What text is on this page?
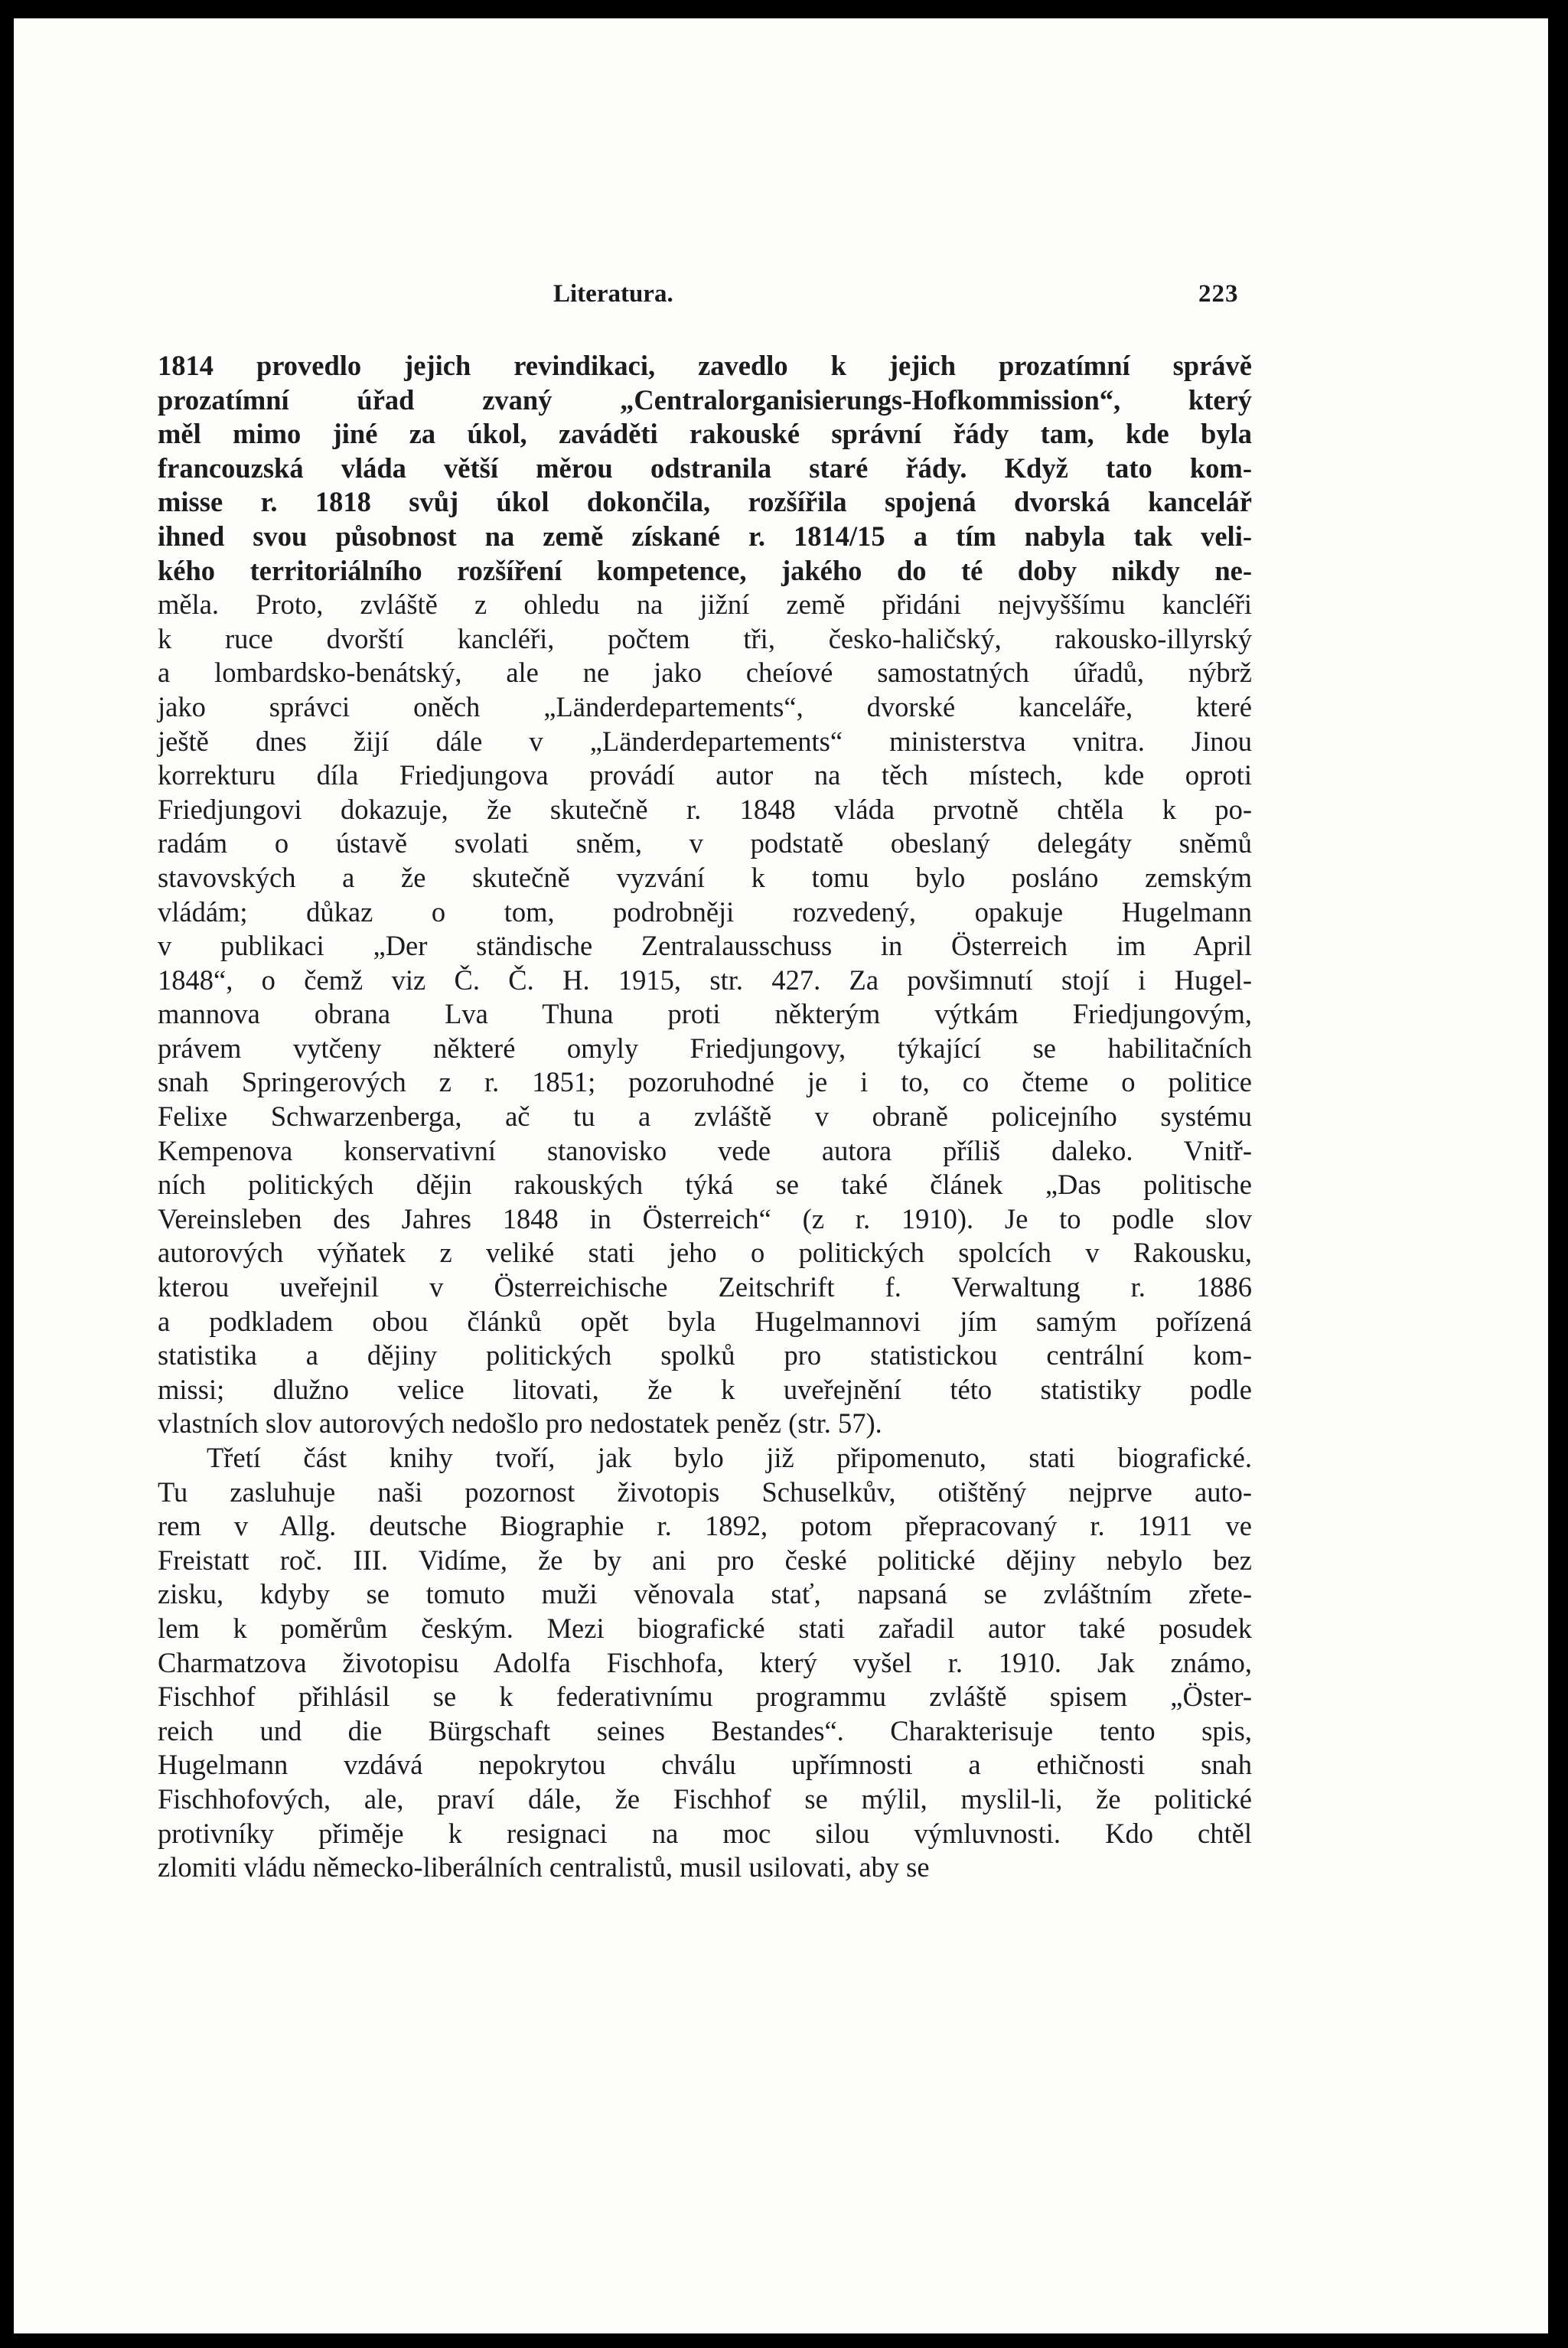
Literatura.	223
1814 provedlo jejich revindikaci, zavedlo k jejich prozatímní správě
prozatímní úřad zvaný „Centralorganisierungs-Hofkommission“, který
měl mimo jiné za úkol, zaváděti rakouské správní řády tam, kde byla
francouzská vláda větší měrou odstranila staré řády. Když tato kom-
misse r. 1818 svůj úkol dokončila, rozšířila spojená dvorská kancelář
ihned svou působnost na země získané r. 1814/15 a tím nabyla tak veli-
kého territoriálního rozšíření kompetence, jakého do té doby nikdy ne-
měla. Proto, zvláště z ohledu na jižní země přidáni nejvyššímu kancléři
k ruce dvorští kancléři, počtem tři, česko-haličský, rakousko-illyrský
a lombardsko-benátský, ale ne jako cheíové samostatných úřadů, nýbrž
jako správci oněch „Länderdepartements“, dvorské kanceláře, které
ještě dnes žijí dále v „Länderdepartements“ ministerstva vnitra. Jinou
korrekturu díla Friedjungova provádí autor na těch místech, kde oproti
Friedjungovi dokazuje, že skutečně r. 1848 vláda prvotně chtěla k po-
radám o ústavě svolati sněm, v podstatě obeslaný delegáty sněmů
stavovských a že skutečně vyzvání k tomu bylo posláno zemským
vládám; důkaz o tom, podrobněji rozvedený, opakuje Hugelmann
v publikaci „Der ständische Zentralausschuss in Österreich im April
1848“, o čemž viz Č. Č. H. 1915, str. 427. Za povšimnutí stojí i Hugel-
mannova obrana Lva Thuna proti některým výtkám Friedjungovým,
právem vytčeny některé omyly Friedjungovy, týkající se habilitačních
snah Springerových z r. 1851; pozoruhodné je i to, co čteme o politice
Felixe Schwarzenberga, ač tu a zvláště v obraně policejního systému
Kempenova konservativní stanovisko vede autora příliš daleko. Vnitř-
ních politických dějin rakouských týká se také článek „Das politische
Vereinsleben des Jahres 1848 in Österreich“ (z r. 1910). Je to podle slov
autorových výňatek z veliké stati jeho o politických spolcích v Rakousku,
kterou uveřejnil v Österreichische Zeitschrift f. Verwaltung r. 1886
a podkladem obou článků opět byla Hugelmannovi jím samým pořízená
statistika a dějiny politických spolků pro statistickou centrální kom-
missi; dlužno velice litovati, že k uveřejnění této statistiky podle
vlastních slov autorových nedošlo pro nedostatek peněz (str. 57).
Třetí část knihy tvoří, jak bylo již připomenuto, stati biografické.
Tu zasluhuje naši pozornost životopis Schuselkův, otištěný nejprve auto-
rem v Allg. deutsche Biographie r. 1892, potom přepracovaný r. 1911 ve
Freistatt roč. III. Vidíme, že by ani pro české politické dějiny nebylo bez
zisku, kdyby se tomuto muži věnovala stať, napsaná se zvláštním zřete-
lem k poměrům českým. Mezi biografické stati zařadil autor také posudek
Charmatzova životopisu Adolfa Fischhofa, který vyšel r. 1910. Jak známo,
Fischhof přihlásil se k federativnímu programmu zvláště spisem „Öster-
reich und die Bürgschaft seines Bestandes“. Charakterisuje tento spis,
Hugelmann vzdává nepokrytou chválu upřímnosti a ethičnosti snah
Fischhofových, ale, praví dále, že Fischhof se mýlil, myslil-li, že politické
protivníky přiměje k resignaci na moc silou výmluvnosti. Kdo chtěl
zlomiti vládu německo-liberálních centralistů, musil usilovati, aby se
